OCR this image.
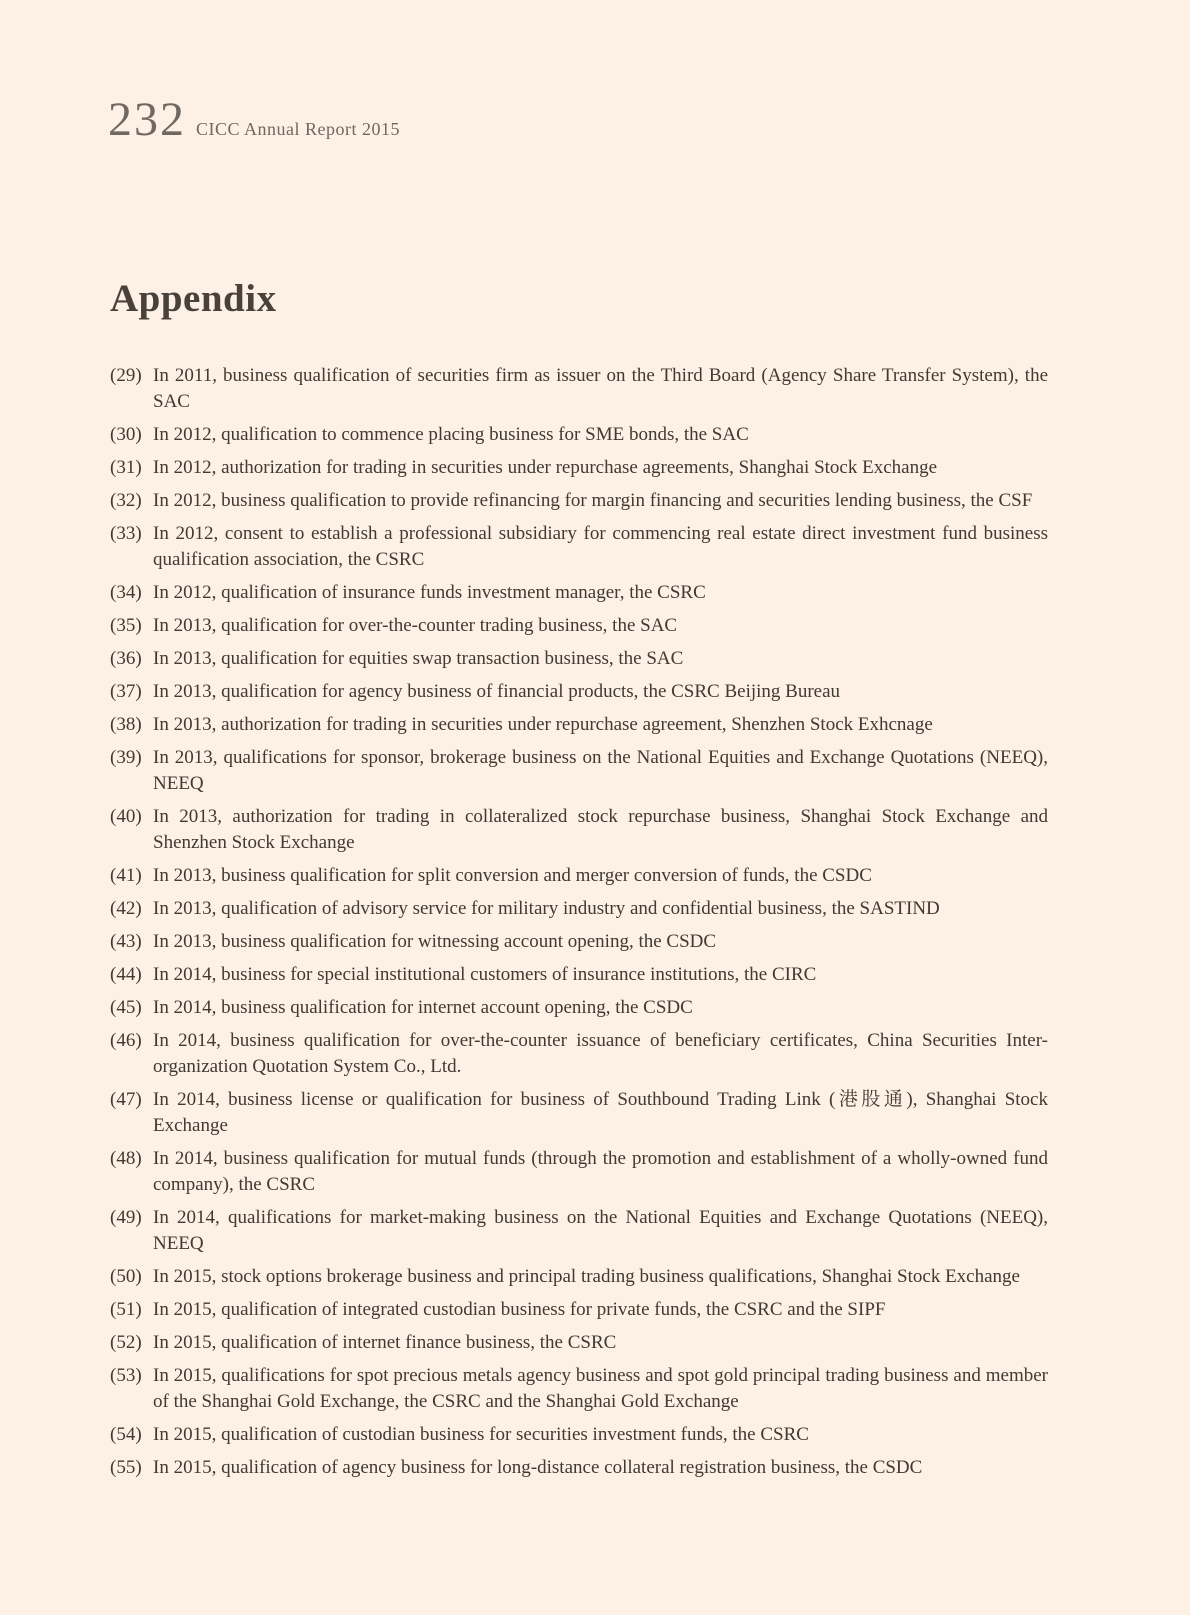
232 CICC Annual Report 2015
Appendix
(29) In 2011, business qualification of securities firm as issuer on the Third Board (Agency Share Transfer System), the SAC
(30) In 2012, qualification to commence placing business for SME bonds, the SAC
(31) In 2012, authorization for trading in securities under repurchase agreements, Shanghai Stock Exchange
(32) In 2012, business qualification to provide refinancing for margin financing and securities lending business, the CSF
(33) In 2012, consent to establish a professional subsidiary for commencing real estate direct investment fund business qualification association, the CSRC
(34) In 2012, qualification of insurance funds investment manager, the CSRC
(35) In 2013, qualification for over-the-counter trading business, the SAC
(36) In 2013, qualification for equities swap transaction business, the SAC
(37) In 2013, qualification for agency business of financial products, the CSRC Beijing Bureau
(38) In 2013, authorization for trading in securities under repurchase agreement, Shenzhen Stock Exhcnage
(39) In 2013, qualifications for sponsor, brokerage business on the National Equities and Exchange Quotations (NEEQ), NEEQ
(40) In 2013, authorization for trading in collateralized stock repurchase business, Shanghai Stock Exchange and Shenzhen Stock Exchange
(41) In 2013, business qualification for split conversion and merger conversion of funds, the CSDC
(42) In 2013, qualification of advisory service for military industry and confidential business, the SASTIND
(43) In 2013, business qualification for witnessing account opening, the CSDC
(44) In 2014, business for special institutional customers of insurance institutions, the CIRC
(45) In 2014, business qualification for internet account opening, the CSDC
(46) In 2014, business qualification for over-the-counter issuance of beneficiary certificates, China Securities Inter-organization Quotation System Co., Ltd.
(47) In 2014, business license or qualification for business of Southbound Trading Link (港股通), Shanghai Stock Exchange
(48) In 2014, business qualification for mutual funds (through the promotion and establishment of a wholly-owned fund company), the CSRC
(49) In 2014, qualifications for market-making business on the National Equities and Exchange Quotations (NEEQ), NEEQ
(50) In 2015, stock options brokerage business and principal trading business qualifications, Shanghai Stock Exchange
(51) In 2015, qualification of integrated custodian business for private funds, the CSRC and the SIPF
(52) In 2015, qualification of internet finance business, the CSRC
(53) In 2015, qualifications for spot precious metals agency business and spot gold principal trading business and member of the Shanghai Gold Exchange, the CSRC and the Shanghai Gold Exchange
(54) In 2015, qualification of custodian business for securities investment funds, the CSRC
(55) In 2015, qualification of agency business for long-distance collateral registration business, the CSDC
